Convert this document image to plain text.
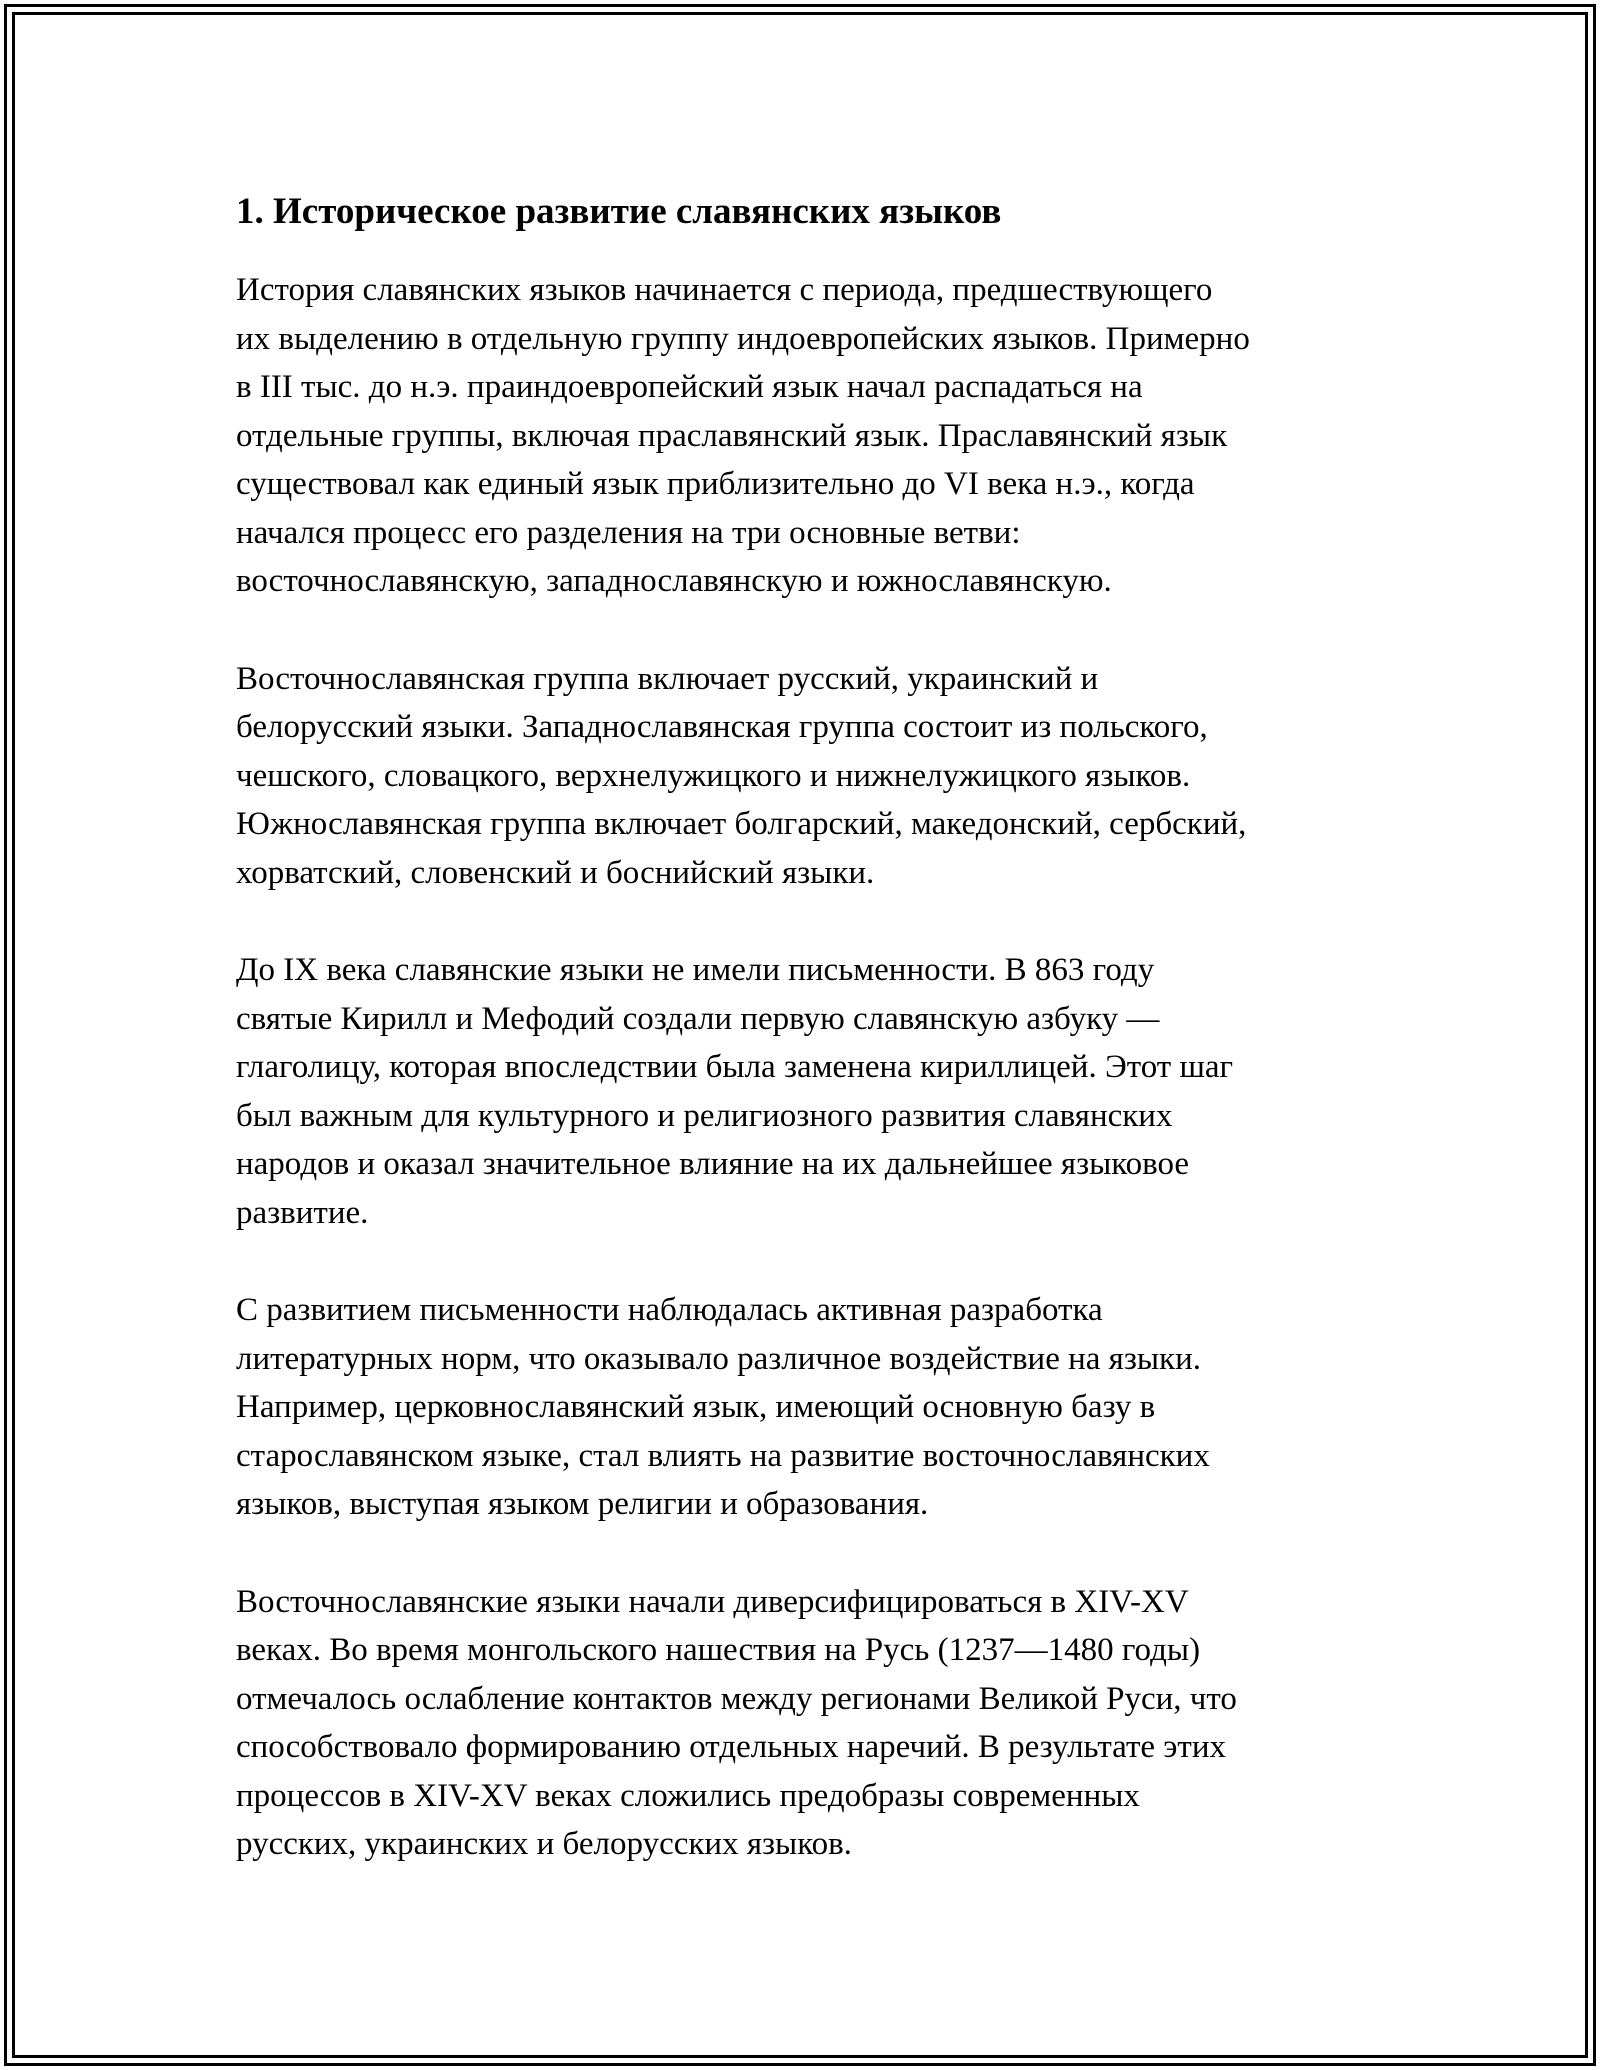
1. Историческое развитие славянских языков

История славянских языков начинается с периода, предшествующего
их выделению в отдельную группу индоевропейских языков. Примерно
в III тыс. до н.э. праиндоевропейский язык начал распадаться на
отдельные группы, включая праславянский язык. Праславянский язык
существовал как единый язык приблизительно до VI века н.э., когда
начался процесс его разделения на три основные ветви:
восточнославянскую, западнославянскую и южнославянскую.

Восточнославянская группа включает русский, украинский и
белорусский языки. Западнославянская группа состоит из польского,
чешского, словацкого, верхнелужицкого и нижнелужицкого языков.
Южнославянская группа включает болгарский, македонский, сербский,
хорватский, словенский и боснийский языки.

До IX века славянские языки не имели письменности. В 863 году
святые Кирилл и Мефодий создали первую славянскую азбуку —
глаголицу, которая впоследствии была заменена кириллицей. Этот шаг
был важным для культурного и религиозного развития славянских
народов и оказал значительное влияние на их дальнейшее языковое
развитие.

С развитием письменности наблюдалась активная разработка
литературных норм, что оказывало различное воздействие на языки.
Например, церковнославянский язык, имеющий основную базу в
старославянском языке, стал влиять на развитие восточнославянских
языков, выступая языком религии и образования.

Восточнославянские языки начали диверсифицироваться в XIV-XV
веках. Во время монгольского нашествия на Русь (1237—1480 годы)
отмечалось ослабление контактов между регионами Великой Руси, что
способствовало формированию отдельных наречий. В результате этих
процессов в XIV-XV веках сложились предобразы современных
русских, украинских и белорусских языков.
